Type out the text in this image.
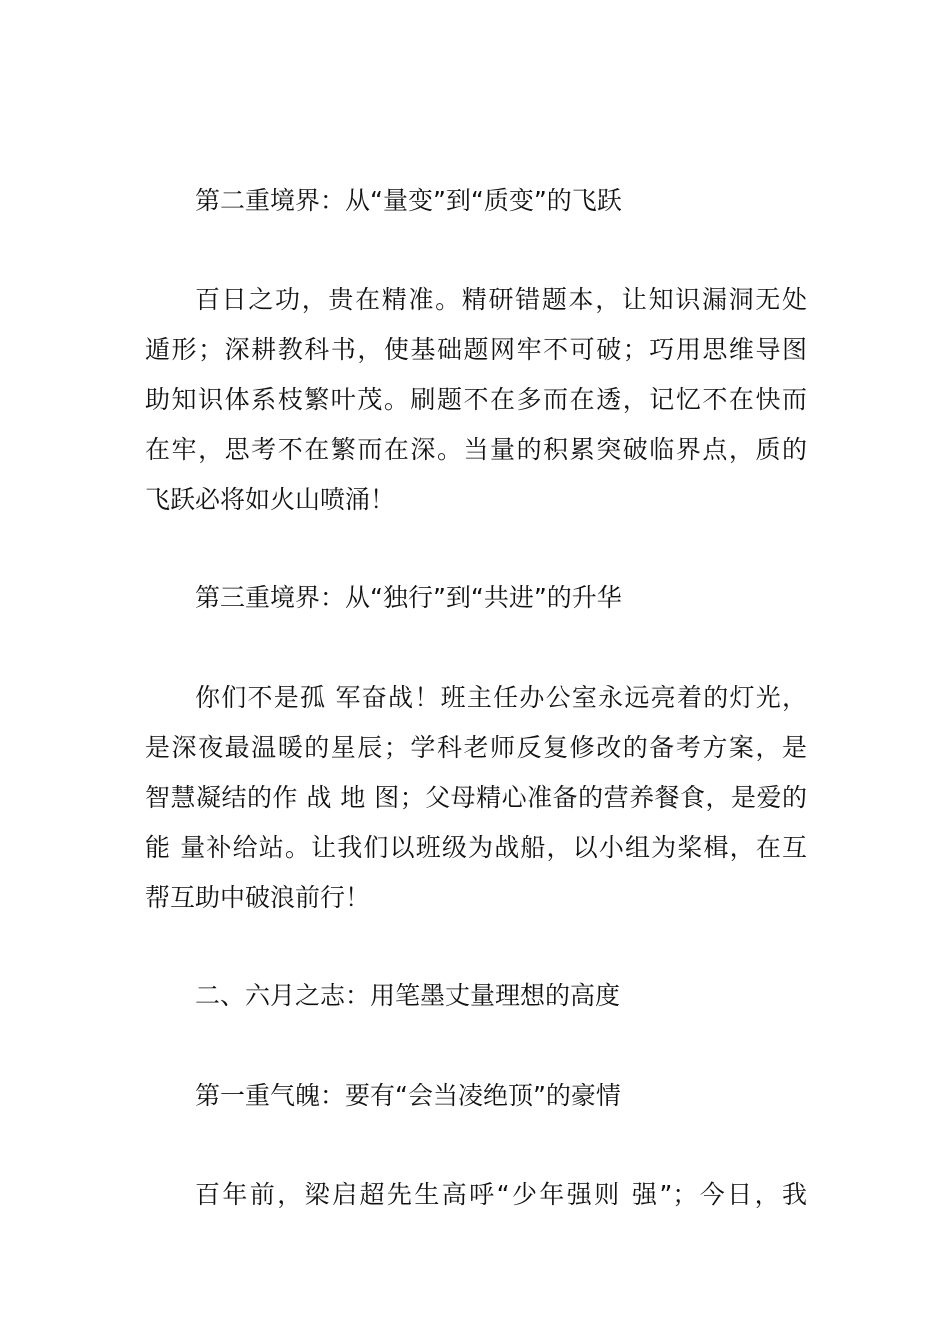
第二重境界：从“量变”到“质变”的飞跃
百日之功，贵在精准。精研错题本，让知识漏洞无处
遁形；深耕教科书，使基础题网牢不可破；巧用思维导图
助知识体系枝繁叶茂。刷题不在多而在透，记忆不在快而
在牢，思考不在繁而在深。当量的积累突破临界点，质的
飞跃必将如火山喷涌！
第三重境界：从“独行”到“共进”的升华
你们不是孤 军奋战！班主任办公室永远亮着的灯光，
是深夜最温暖的星辰；学科老师反复修改的备考方案，是
智慧凝结的作 战 地 图；父母精心准备的营养餐食，是爱的
能 量补给站。让我们以班级为战船，以小组为桨楫，在互
帮互助中破浪前行！
二、六月之志：用笔墨丈量理想的高度
第一重气魄：要有“会当凌绝顶”的豪情
百年前，梁启超先生高呼“少年强则 强”；今日，我
